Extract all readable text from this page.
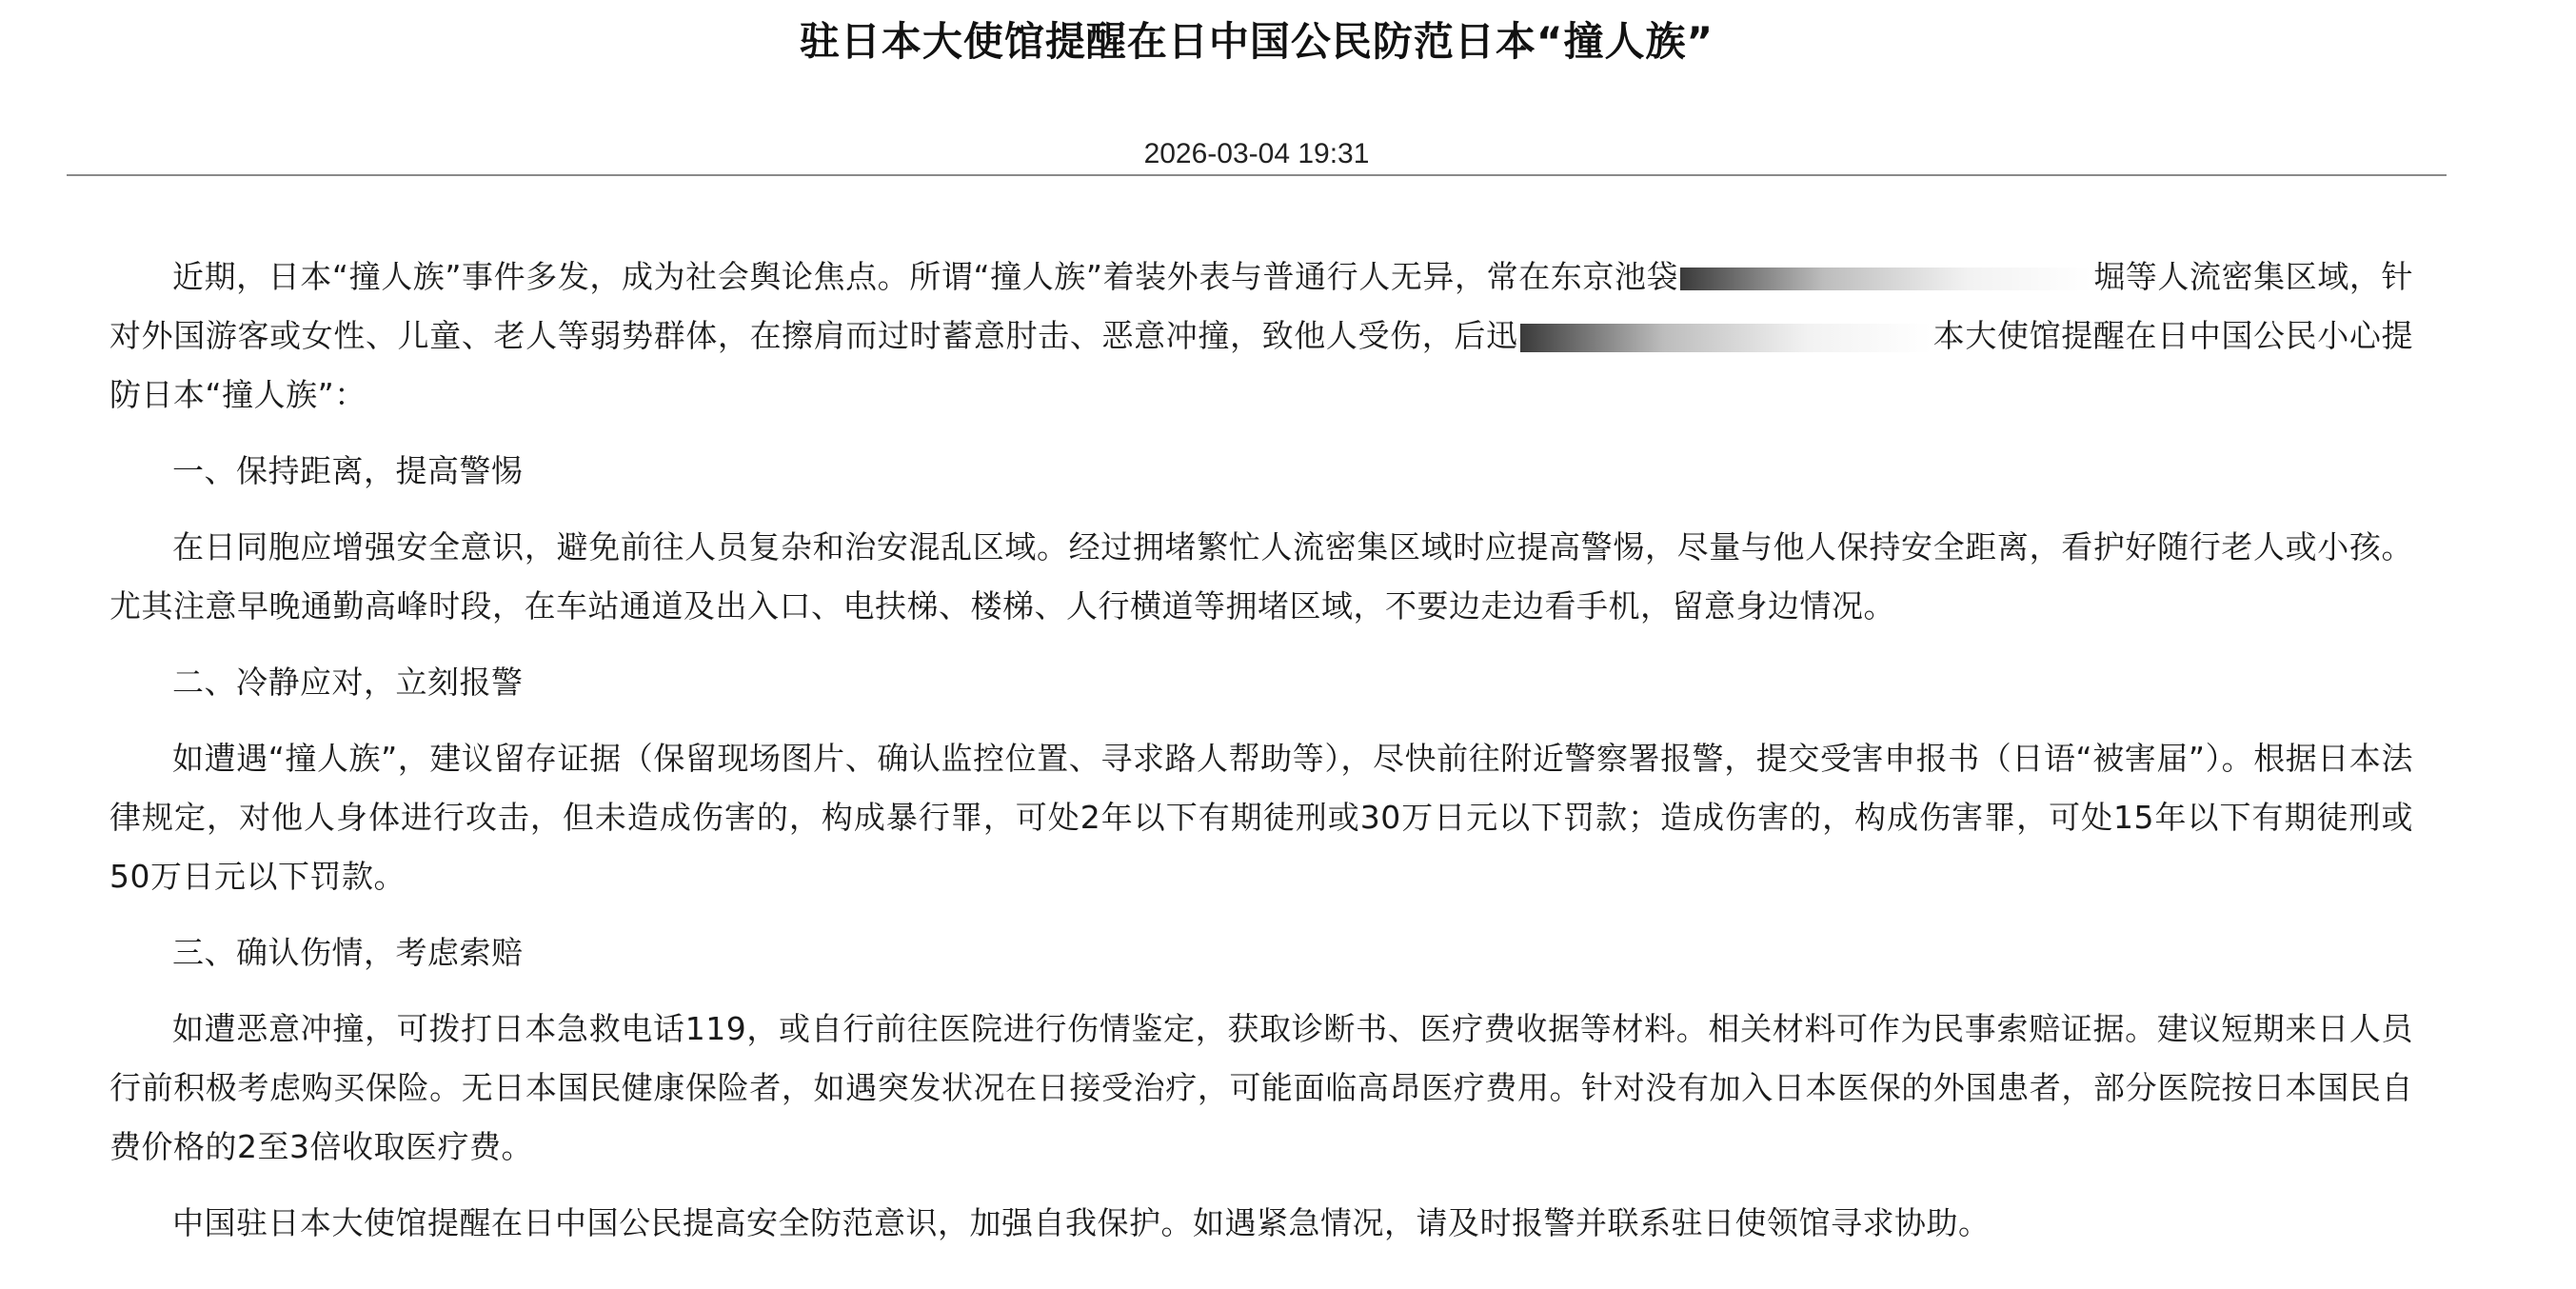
驻日本大使馆提醒在日中国公民防范日本“撞人族”
2026-03-04 19:31

近期，日本“撞人族”事件多发，成为社会舆论焦点。所谓“撞人族”着装外表与普通行人无异，常在东京池袋	堀等人流密集区域，针对外国游客或女性、儿童、老人等弱势群体，在擦肩而过时蓄意肘击、恶意冲撞，致他人受伤，后迅	本大使馆提醒在日中国公民小心提防日本“撞人族”：

一、保持距离，提高警惕

在日同胞应增强安全意识，避免前往人员复杂和治安混乱区域。经过拥堵繁忙人流密集区域时应提高警惕，尽量与他人保持安全距离，看护好随行老人或小孩。尤其注意早晚通勤高峰时段，在车站通道及出入口、电扶梯、楼梯、人行横道等拥堵区域，不要边走边看手机，留意身边情况。

二、冷静应对，立刻报警

如遭遇“撞人族”，建议留存证据（保留现场图片、确认监控位置、寻求路人帮助等），尽快前往附近警察署报警，提交受害申报书（日语“被害届”）。根据日本法律规定，对他人身体进行攻击，但未造成伤害的，构成暴行罪，可处2年以下有期徒刑或30万日元以下罚款；造成伤害的，构成伤害罪，可处15年以下有期徒刑或50万日元以下罚款。

三、确认伤情，考虑索赔

如遭恶意冲撞，可拨打日本急救电话119，或自行前往医院进行伤情鉴定，获取诊断书、医疗费收据等材料。相关材料可作为民事索赔证据。建议短期来日人员行前积极考虑购买保险。无日本国民健康保险者，如遇突发状况在日接受治疗，可能面临高昂医疗费用。针对没有加入日本医保的外国患者，部分医院按日本国民自费价格的2至3倍收取医疗费。

中国驻日本大使馆提醒在日中国公民提高安全防范意识，加强自我保护。如遇紧急情况，请及时报警并联系驻日使领馆寻求协助。
